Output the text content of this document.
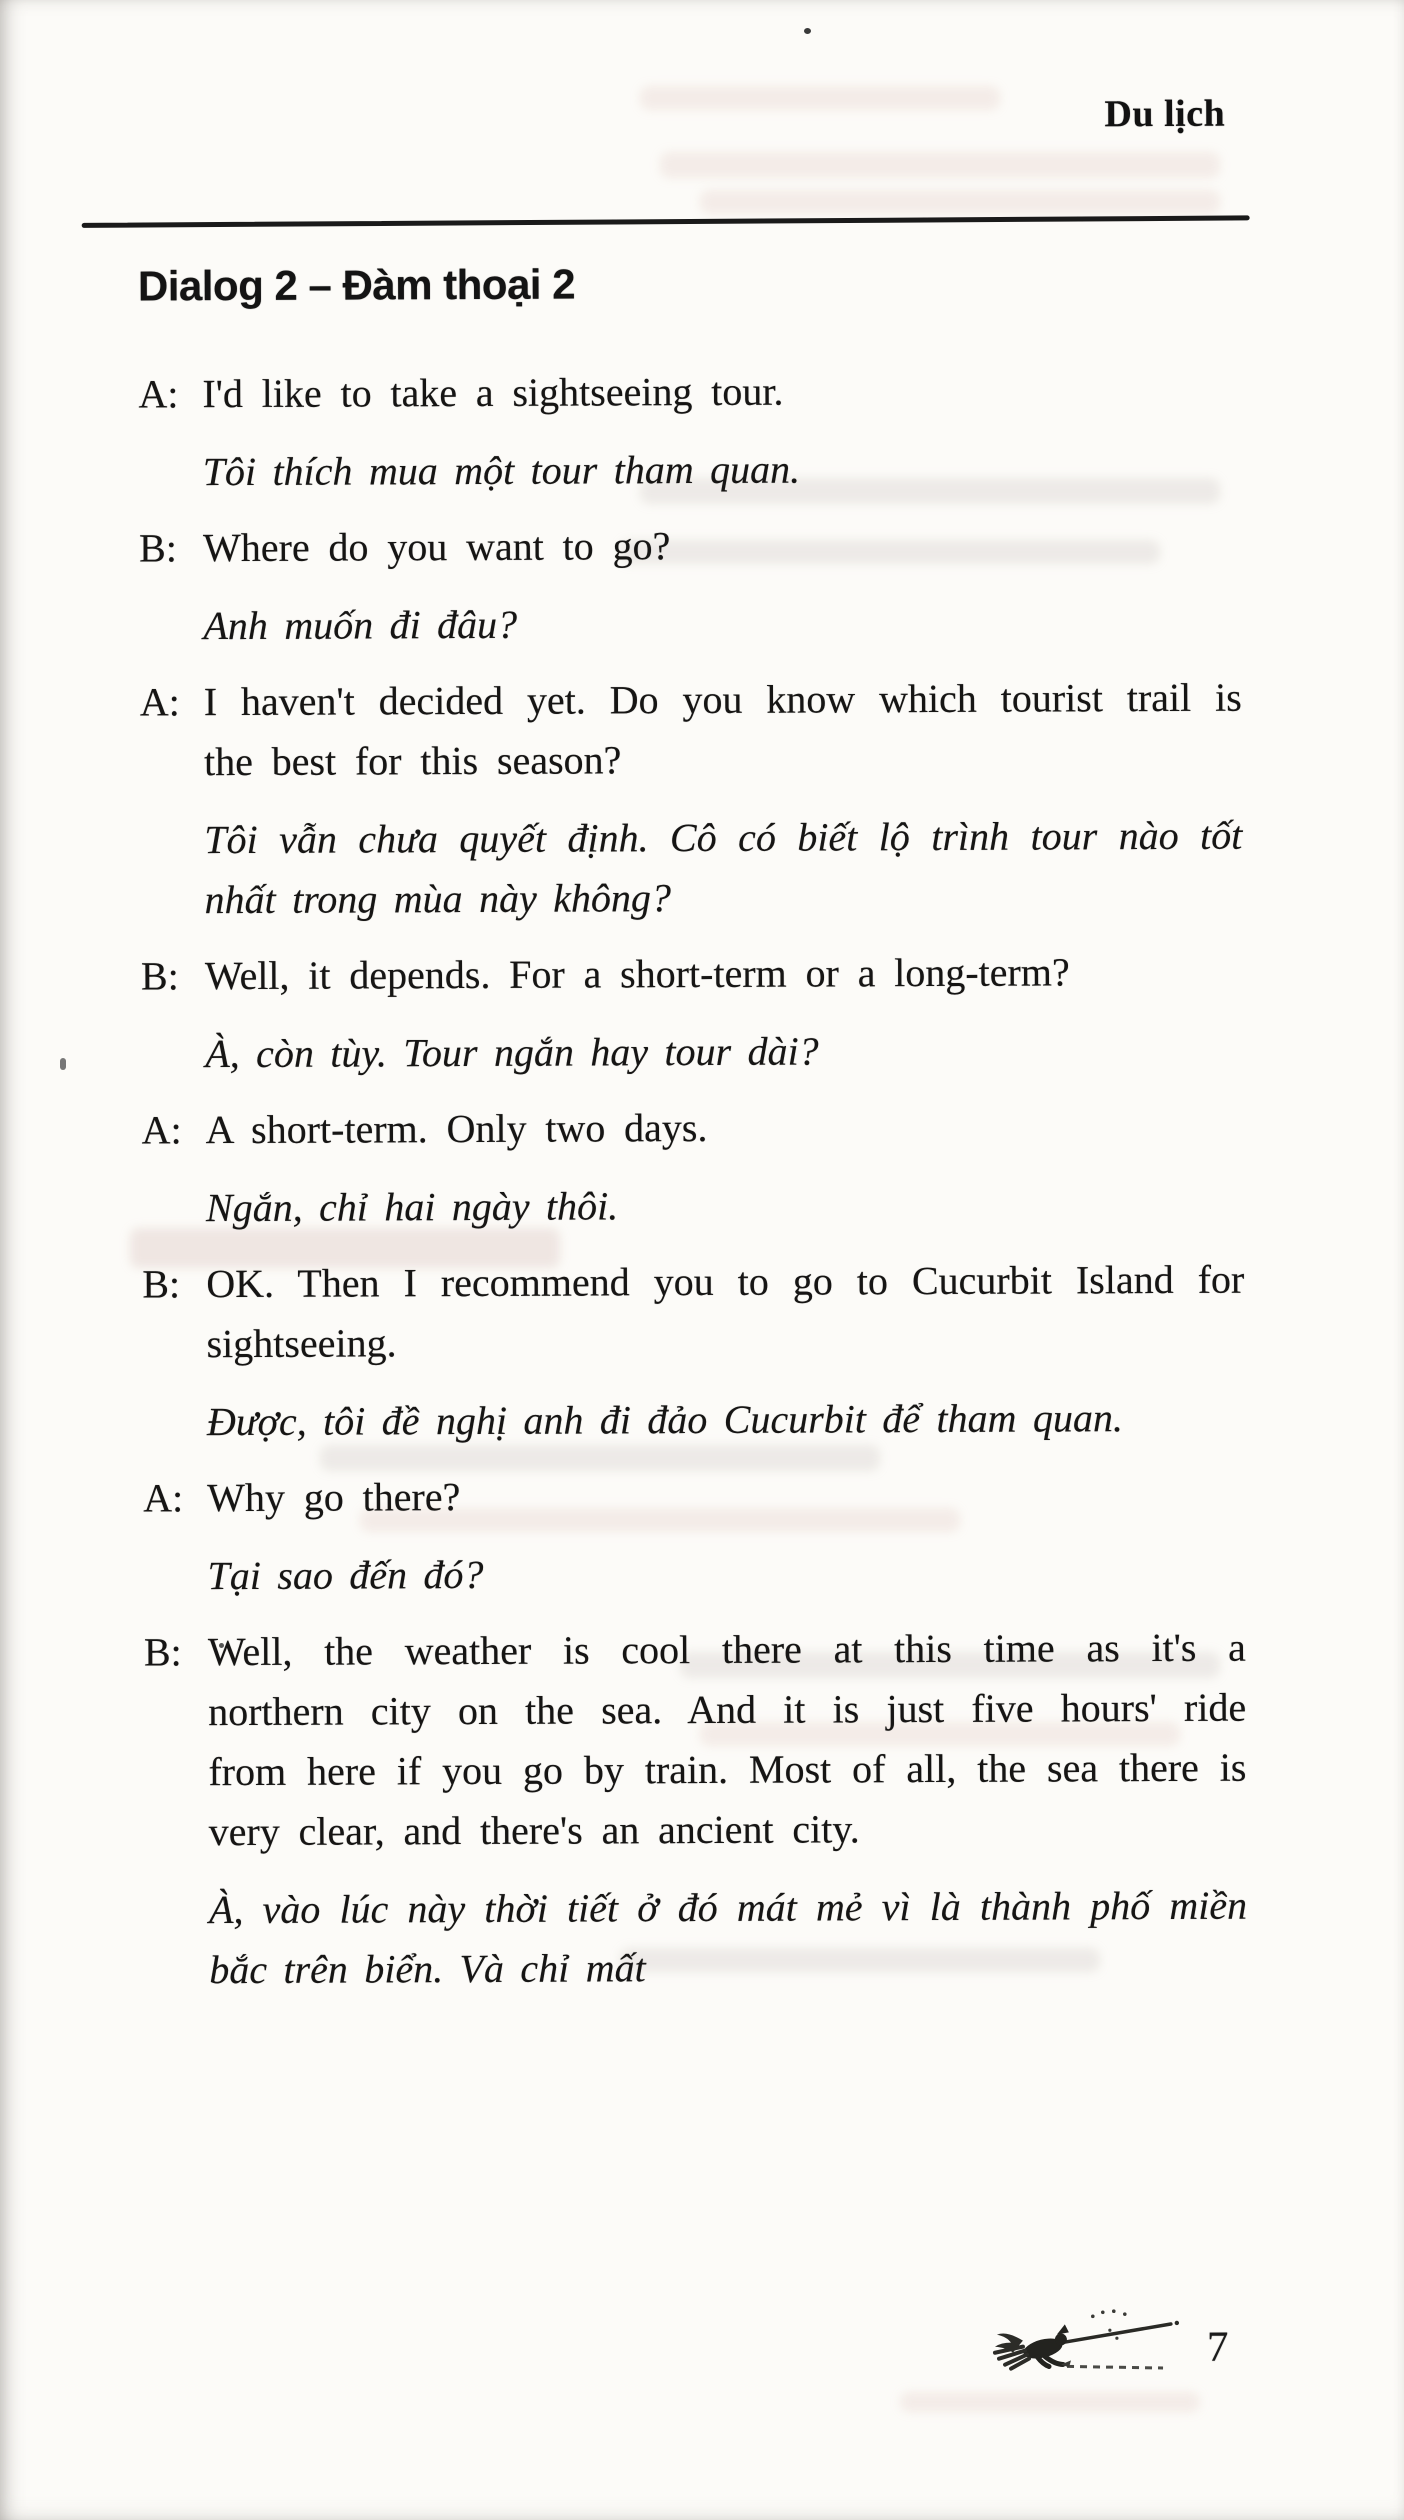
Du lịch
Dialog 2 – Đàm thoại 2

A: I'd like to take a sightseeing tour.

Tôi thích mua một tour tham quan.

B: Where do you want to go?

Anh muốn đi đâu?

A: I haven't decided yet. Do you know which tourist trail is the best for this season?

Tôi vẫn chưa quyết định. Cô có biết lộ trình tour nào tốt nhất trong mùa này không?

B: Well, it depends. For a short-term or a long-term?

À, còn tùy. Tour ngắn hay tour dài?

A: A short-term. Only two days.

Ngắn, chỉ hai ngày thôi.

B: OK. Then I recommend you to go to Cucurbit Island for sightseeing.

Được, tôi đề nghị anh đi đảo Cucurbit để tham quan.

A: Why go there?

Tại sao đến đó?

B: Well, the weather is cool there at this time as it's a northern city on the sea. And it is just five hours' ride from here if you go by train. Most of all, the sea there is very clear, and there's an ancient city.

À, vào lúc này thời tiết ở đó mát mẻ vì là thành phố miền bắc trên biển. Và chỉ mất

7
